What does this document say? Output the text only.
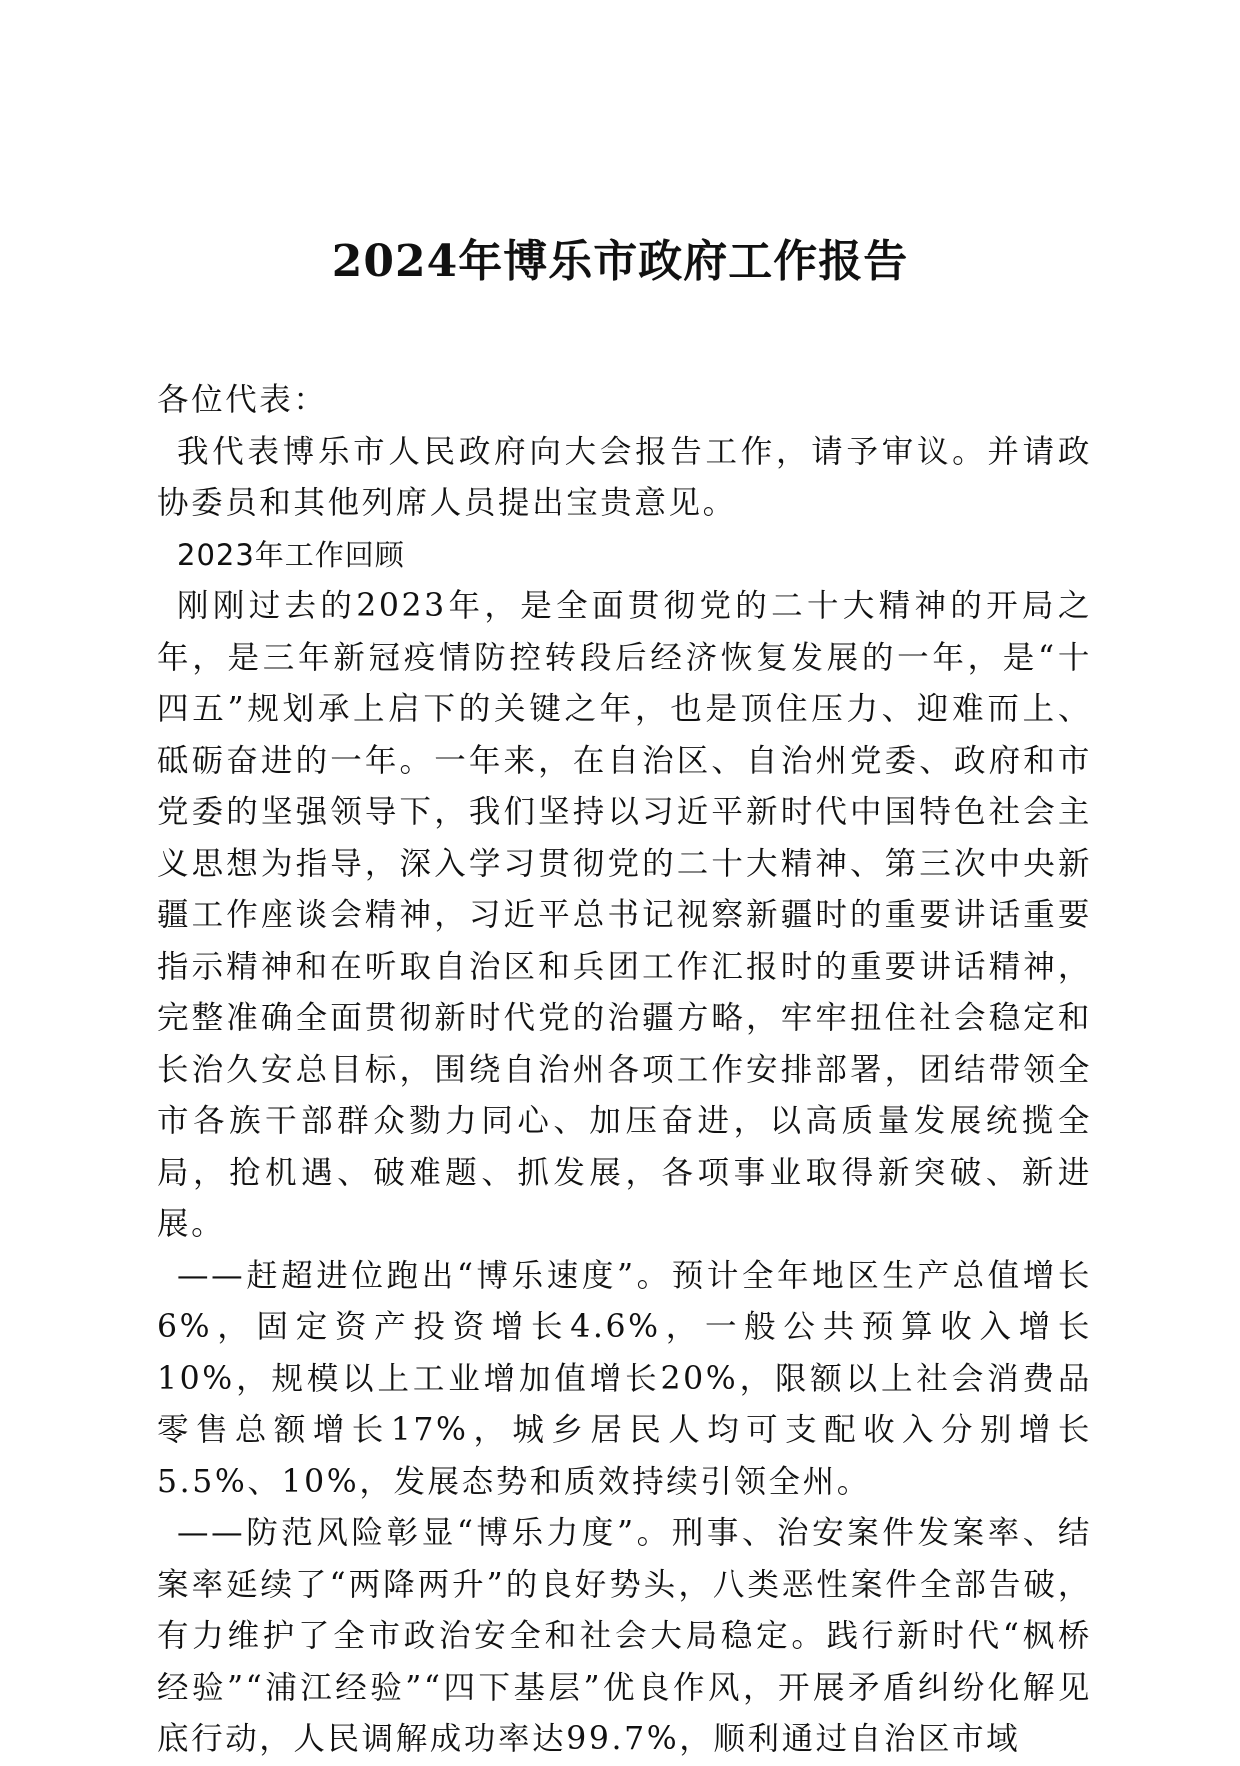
2024年博乐市政府工作报告

各位代表：

我代表博乐市人民政府向大会报告工作，请予审议。并请政协委员和其他列席人员提出宝贵意见。

2023年工作回顾

刚刚过去的2023年，是全面贯彻党的二十大精神的开局之年，是三年新冠疫情防控转段后经济恢复发展的一年，是“十四五”规划承上启下的关键之年，也是顶住压力、迎难而上、砥砺奋进的一年。一年来，在自治区、自治州党委、政府和市党委的坚强领导下，我们坚持以习近平新时代中国特色社会主义思想为指导，深入学习贯彻党的二十大精神、第三次中央新疆工作座谈会精神，习近平总书记视察新疆时的重要讲话重要指示精神和在听取自治区和兵团工作汇报时的重要讲话精神，完整准确全面贯彻新时代党的治疆方略，牢牢扭住社会稳定和长治久安总目标，围绕自治州各项工作安排部署，团结带领全市各族干部群众勠力同心、加压奋进，以高质量发展统揽全局，抢机遇、破难题、抓发展，各项事业取得新突破、新进展。

——赶超进位跑出“博乐速度”。预计全年地区生产总值增长6%，固定资产投资增长4.6%，一般公共预算收入增长10%，规模以上工业增加值增长20%，限额以上社会消费品零售总额增长17%，城乡居民人均可支配收入分别增长5.5%、10%，发展态势和质效持续引领全州。

——防范风险彰显“博乐力度”。刑事、治安案件发案率、结案率延续了“两降两升”的良好势头，八类恶性案件全部告破，有力维护了全市政治安全和社会大局稳定。践行新时代“枫桥经验”“浦江经验”“四下基层”优良作风，开展矛盾纠纷化解见底行动，人民调解成功率达99.7%，顺利通过自治区市域
